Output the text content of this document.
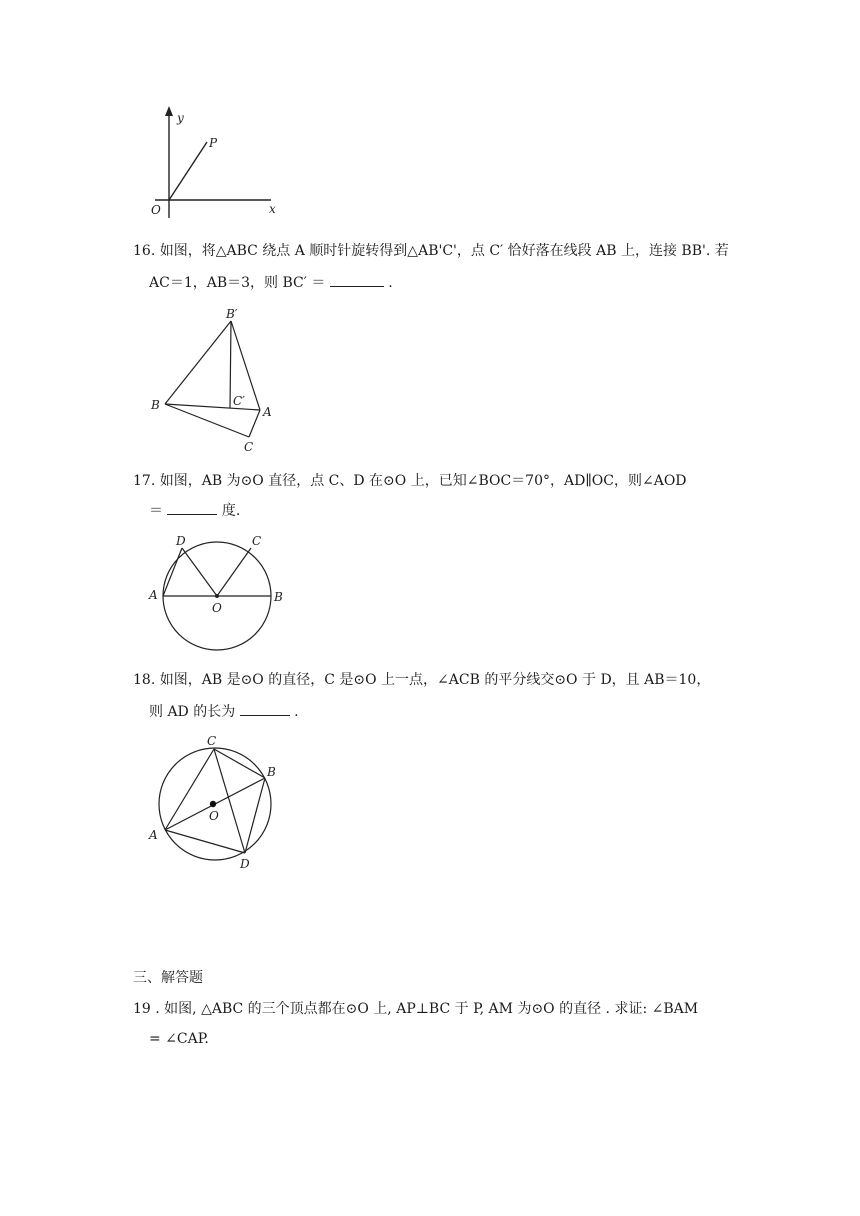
y
P
O	x
16. 如图，将△ABC 绕点 A 顺时针旋转得到△AB'C'，点 C′ 恰好落在线段 AB 上，连接 BB'. 若
AC＝1，AB＝3，则 BC′ ＝	.
B′
B	C′
A
C
17. 如图，AB 为⊙O 直径，点 C、D 在⊙O 上，已知∠BOC＝70°，AD∥OC，则∠AOD
＝	度.
D	C
A
O
B
18. 如图，AB 是⊙O 的直径，C 是⊙O 上一点，∠ACB 的平分线交⊙O 于 D，且 AB＝10，
则 AD 的长为	.
C
B
O
A
D
三、解答题
19 . 如图, △ABC 的三个顶点都在⊙O 上, AP⊥BC 于 P, AM 为⊙O 的直径 . 求证: ∠BAM
= ∠CAP.
